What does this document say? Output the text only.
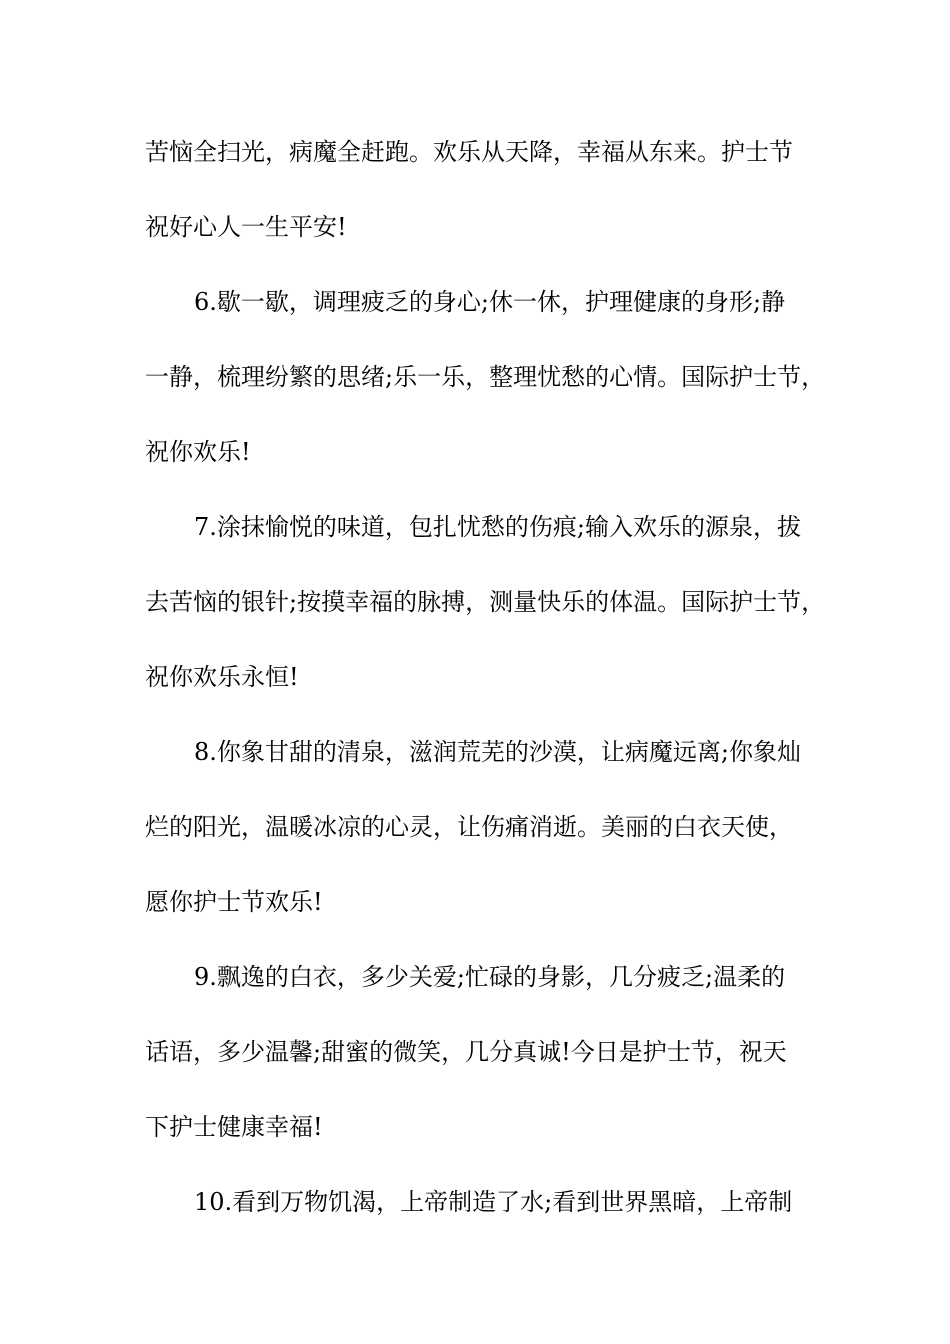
苦恼全扫光，病魔全赶跑。欢乐从天降，幸福从东来。护士节
祝好心人一生平安!
6.歇一歇，调理疲乏的身心;休一休，护理健康的身形;静
一静，梳理纷繁的思绪;乐一乐，整理忧愁的心情。国际护士节，
祝你欢乐!
7.涂抹愉悦的味道，包扎忧愁的伤痕;输入欢乐的源泉，拔
去苦恼的银针;按摸幸福的脉搏，测量快乐的体温。国际护士节，
祝你欢乐永恒!
8.你象甘甜的清泉，滋润荒芜的沙漠，让病魔远离;你象灿
烂的阳光，温暖冰凉的心灵，让伤痛消逝。美丽的白衣天使，
愿你护士节欢乐!
9.飘逸的白衣，多少关爱;忙碌的身影，几分疲乏;温柔的
话语，多少温馨;甜蜜的微笑，几分真诚!今日是护士节，祝天
下护士健康幸福!
10.看到万物饥渴，上帝制造了水;看到世界黑暗，上帝制
